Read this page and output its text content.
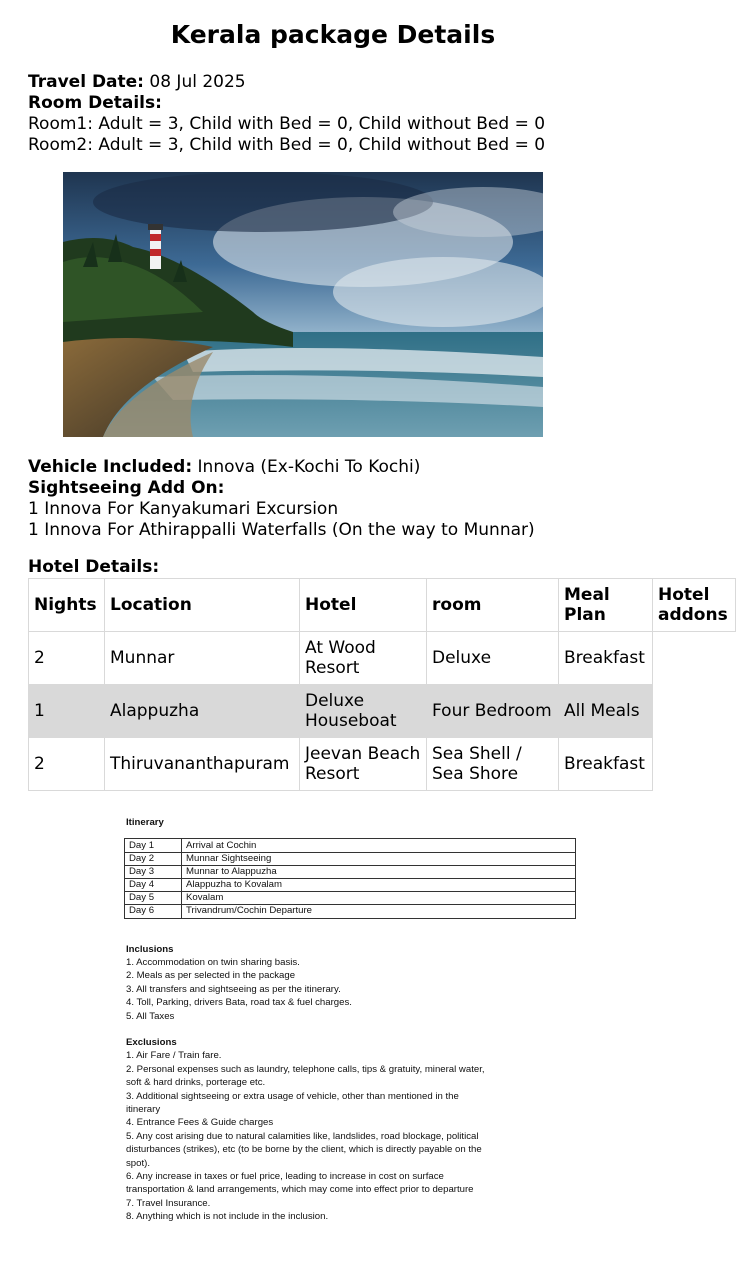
Kerala package Details
Travel Date: 08 Jul 2025
Room Details:
Room1: Adult = 3, Child with Bed = 0, Child without Bed = 0
Room2: Adult = 3, Child with Bed = 0, Child without Bed = 0
Vehicle Included: Innova (Ex-Kochi To Kochi)
Sightseeing Add On:
1 Innova For Kanyakumari Excursion
1 Innova For Athirappalli Waterfalls (On the way to Munnar)
Hotel Details:
Nights	Location	Hotel	room	Meal Plan	Hotel addons
2	Munnar	At Wood Resort	Deluxe	Breakfast	
1	Alappuzha	Deluxe Houseboat	Four Bedroom	All Meals	
2	Thiruvananthapuram	Jeevan Beach Resort	Sea Shell / Sea Shore	Breakfast	
Itinerary
Day 1	Arrival at Cochin
Day 2	Munnar Sightseeing
Day 3	Munnar to Alappuzha
Day 4	Alappuzha to Kovalam
Day 5	Kovalam
Day 6	Trivandrum/Cochin Departure
Inclusions
1. Accommodation on twin sharing basis.
2. Meals as per selected in the package
3. All transfers and sightseeing as per the itinerary.
4. Toll, Parking, drivers Bata, road tax & fuel charges.
5. All Taxes
Exclusions
1. Air Fare / Train fare.
2. Personal expenses such as laundry, telephone calls, tips & gratuity, mineral water, soft & hard drinks, porterage etc.
3. Additional sightseeing or extra usage of vehicle, other than mentioned in the itinerary
4. Entrance Fees & Guide charges
5. Any cost arising due to natural calamities like, landslides, road blockage, political disturbances (strikes), etc (to be borne by the client, which is directly payable on the spot).
6. Any increase in taxes or fuel price, leading to increase in cost on surface transportation & land arrangements, which may come into effect prior to departure
7. Travel Insurance.
8. Anything which is not include in the inclusion.
